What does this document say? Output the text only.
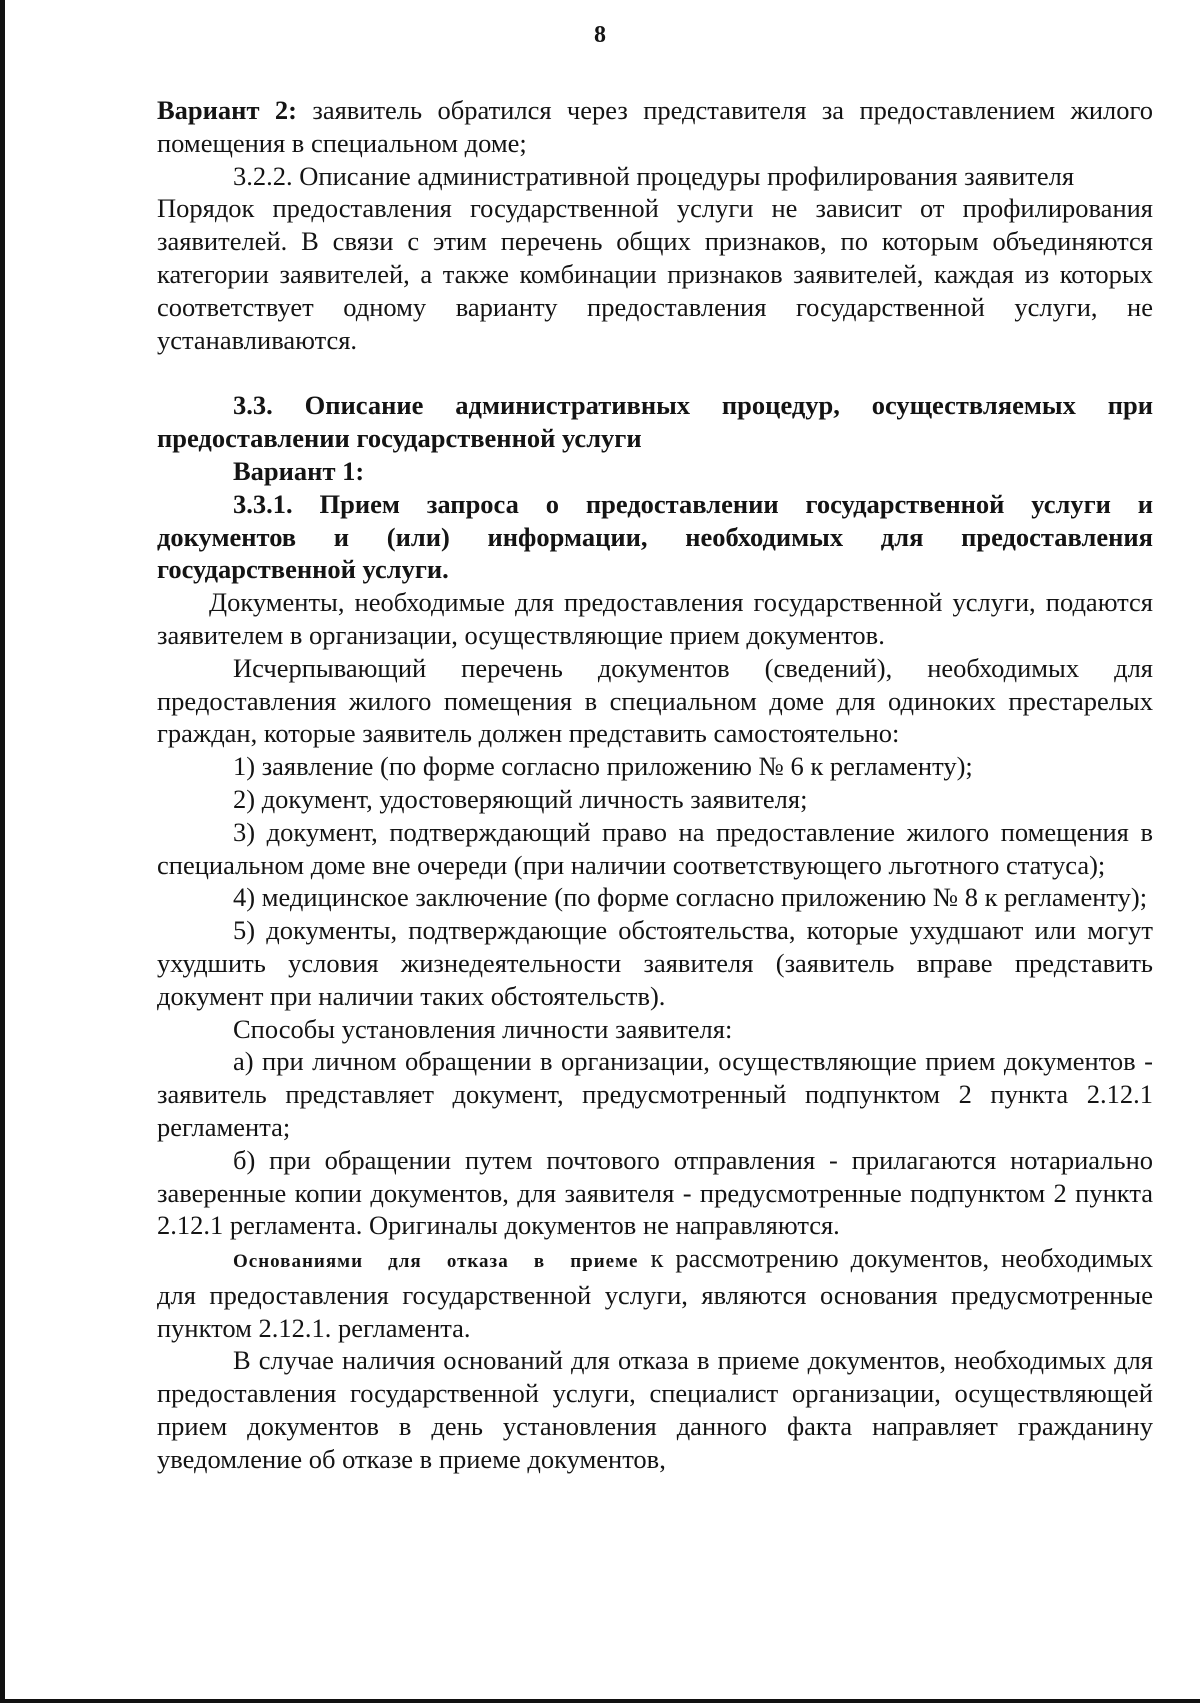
8

Вариант 2: заявитель обратился через представителя за предоставлением жилого помещения в специальном доме;

3.2.2. Описание административной процедуры профилирования заявителя

Порядок предоставления государственной услуги не зависит от профилирования заявителей. В связи с этим перечень общих признаков, по которым объединяются категории заявителей, а также комбинации признаков заявителей, каждая из которых соответствует одному варианту предоставления государственной услуги, не устанавливаются.

3.3. Описание административных процедур, осуществляемых при предоставлении государственной услуги

Вариант 1:

3.3.1. Прием запроса о предоставлении государственной услуги и документов и (или) информации, необходимых для предоставления государственной услуги.

Документы, необходимые для предоставления государственной услуги, подаются заявителем в организации, осуществляющие прием документов.

Исчерпывающий перечень документов (сведений), необходимых для предоставления жилого помещения в специальном доме для одиноких престарелых граждан, которые заявитель должен представить самостоятельно:

1) заявление (по форме согласно приложению № 6 к регламенту);

2) документ, удостоверяющий личность заявителя;

3) документ, подтверждающий право на предоставление жилого помещения в специальном доме вне очереди (при наличии соответствующего льготного статуса);

4) медицинское заключение (по форме согласно приложению № 8 к регламенту);

5) документы, подтверждающие обстоятельства, которые ухудшают или могут ухудшить условия жизнедеятельности заявителя (заявитель вправе представить документ при наличии таких обстоятельств).

Способы установления личности заявителя:

а) при личном обращении в организации, осуществляющие прием документов - заявитель представляет документ, предусмотренный подпунктом 2 пункта 2.12.1 регламента;

б) при обращении путем почтового отправления - прилагаются нотариально заверенные копии документов, для заявителя - предусмотренные подпунктом 2 пункта 2.12.1 регламента. Оригиналы документов не направляются.

Основаниями для отказа в приеме к рассмотрению документов, необходимых для предоставления государственной услуги, являются основания предусмотренные пунктом 2.12.1. регламента.

В случае наличия оснований для отказа в приеме документов, необходимых для предоставления государственной услуги, специалист организации, осуществляющей прием документов в день установления данного факта направляет гражданину уведомление об отказе в приеме документов,
